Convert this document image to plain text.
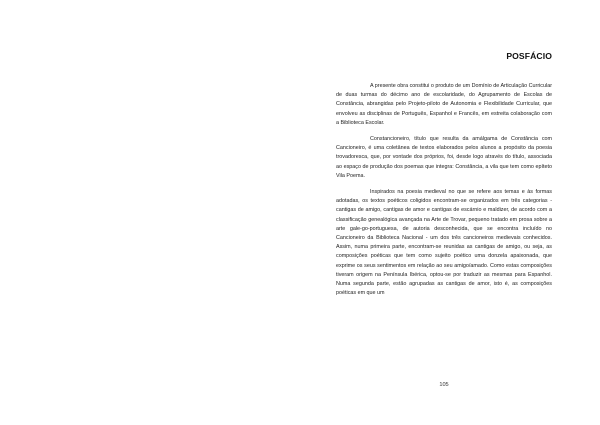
POSFÁCIO

A presente obra constitui o produto de um Domínio de Articulação Curricular de duas turmas do décimo ano de escolaridade, do Agrupamento de Escolas de Constância, abrangidas pelo Projeto-piloto de Autonomia e Flexibilidade Curricular, que envolveu as disciplinas de Português, Espanhol e Francês, em estreita colaboração com a Biblioteca Escolar.

Constancioneiro, título que resulta da amálgama de Constância com Cancioneiro, é uma coletânea de textos elaborados pelos alunos a propósito da poesia trovadoresca, que, por vontade dos próprios, foi, desde logo através do título, associada ao espaço de produção dos poemas que integra: Constância, a vila que tem como epíteto Vila Poema.

Inspirados na poesia medieval no que se refere aos temas e às formas adotadas, os textos poéticos coligidos encontram-se organizados em três categorias - cantigas de amigo, cantigas de amor e cantigas de escárnio e maldizer, de acordo com a classificação genealógica avançada na Arte de Trovar, pequeno tratado em prosa sobre a arte gale-go-portuguesa, de autoria desconhecida, que se encontra incluído no Cancioneiro da Biblioteca Nacional - um dos três cancioneiros medievais conhecidos. Assim, numa primeira parte, encontram-se reunidas as cantigas de amigo, ou seja, as composições poéticas que tem como sujeito poético uma donzela apaixonada, que exprime os seus sentimentos em relação ao seu amigo/amado. Como estas composições tiveram origem na Península Ibérica, optou-se por traduzir as mesmas para Espanhol. Numa segunda parte, estão agrupadas as cantigas de amor, isto é, as composições poéticas em que um

105
